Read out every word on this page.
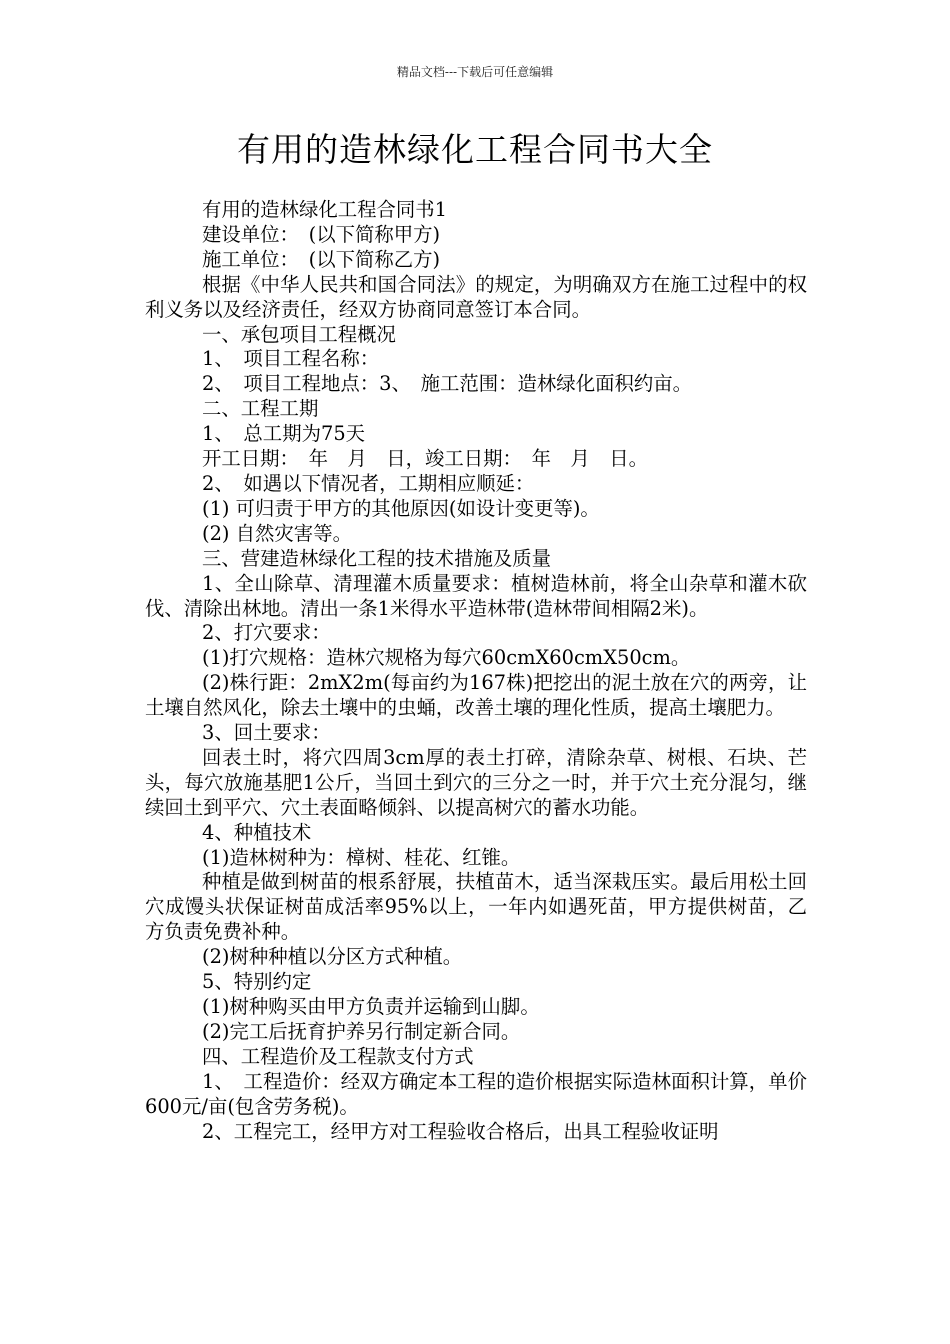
精品文档---下载后可任意编辑
有用的造林绿化工程合同书大全

有用的造林绿化工程合同书1

建设单位：　(以下简称甲方)

施工单位：　(以下简称乙方)

根据《中华人民共和国合同法》的规定，为明确双方在施工过程中的权利义务以及经济责任，经双方协商同意签订本合同。

一、承包项目工程概况

1、　项目工程名称：

2、　项目工程地点：3、　施工范围：造林绿化面积约亩。

二、工程工期

1、　总工期为75天

开工日期：　年　月　日，竣工日期：　年　月　日。

2、　如遇以下情况者，工期相应顺延：

(1) 可归责于甲方的其他原因(如设计变更等)。

(2) 自然灾害等。

三、营建造林绿化工程的技术措施及质量

1、全山除草、清理灌木质量要求：植树造林前，将全山杂草和灌木砍伐、清除出林地。清出一条1米得水平造林带(造林带间相隔2米)。

2、打穴要求：

(1)打穴规格：造林穴规格为每穴60cmX60cmX50cm。

(2)株行距：2mX2m(每亩约为167株)把挖出的泥土放在穴的两旁，让土壤自然风化，除去土壤中的虫蛹，改善土壤的理化性质，提高土壤肥力。

3、回土要求：

回表土时，将穴四周3cm厚的表土打碎，清除杂草、树根、石块、芒头，每穴放施基肥1公斤，当回土到穴的三分之一时，并于穴土充分混匀，继续回土到平穴、穴土表面略倾斜、以提高树穴的蓄水功能。

4、种植技术

(1)造林树种为：樟树、桂花、红锥。

种植是做到树苗的根系舒展，扶植苗木，适当深栽压实。最后用松土回穴成馒头状保证树苗成活率95%以上，一年内如遇死苗，甲方提供树苗，乙方负责免费补种。

(2)树种种植以分区方式种植。

5、特别约定

(1)树种购买由甲方负责并运输到山脚。

(2)完工后抚育护养另行制定新合同。

四、工程造价及工程款支付方式

1、　工程造价：经双方确定本工程的造价根据实际造林面积计算，单价600元/亩(包含劳务税)。

2、工程完工，经甲方对工程验收合格后，出具工程验收证明
